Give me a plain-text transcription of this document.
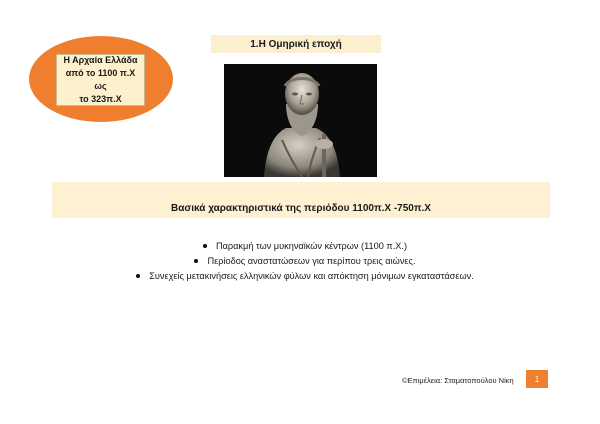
Η Αρχαία Ελλάδα
από το 1100 π.Χ ως
το 323π.Χ
1.Η Ομηρική εποχή
Βασικά χαρακτηριστικά της περιόδου 1100π.Χ -750π.Χ
Παρακμή των μυκηναϊκών κέντρων (1100 π.Χ.)
Περίοδος αναστατώσεων για περίπου τρεις αιώνες.
Συνεχείς μετακινήσεις ελληνικών φύλων και απόκτηση μόνιμων εγκαταστάσεων.
©Επιμέλεια: Σταματοπούλου Νίκη	1
